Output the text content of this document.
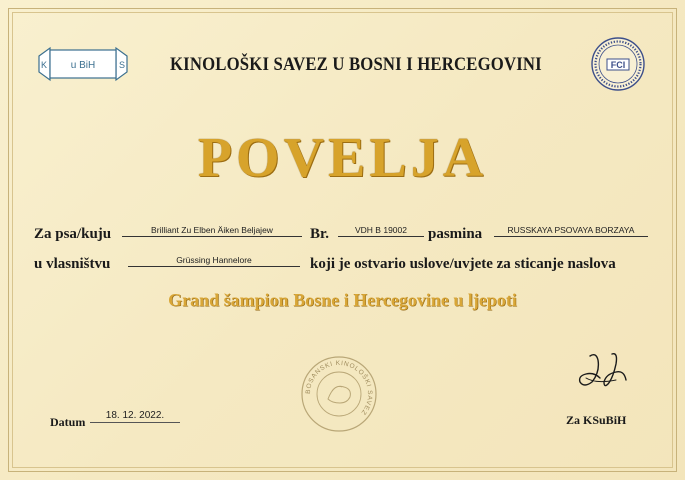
K	S
u BiH	KINOLOŠKI SAVEZ U BOSNI I HERCEGOVINI	FCI
POVELJA
Za psa/kuju	Brilliant Zu Elben Äiken Beljajew	Br.	VDH B 19002	pasmina	RUSSKAYA PSOVAYA BORZAYA
u vlasništvu	Grüssing Hannelore	koji je ostvario uslove/uvjete za sticanje naslova
Grand šampion Bosne i Hercegovine u ljepoti
BOSANSKI KINOLOŠKI SAVEZ
Datum	18. 12. 2022.	Za KSuBiH
